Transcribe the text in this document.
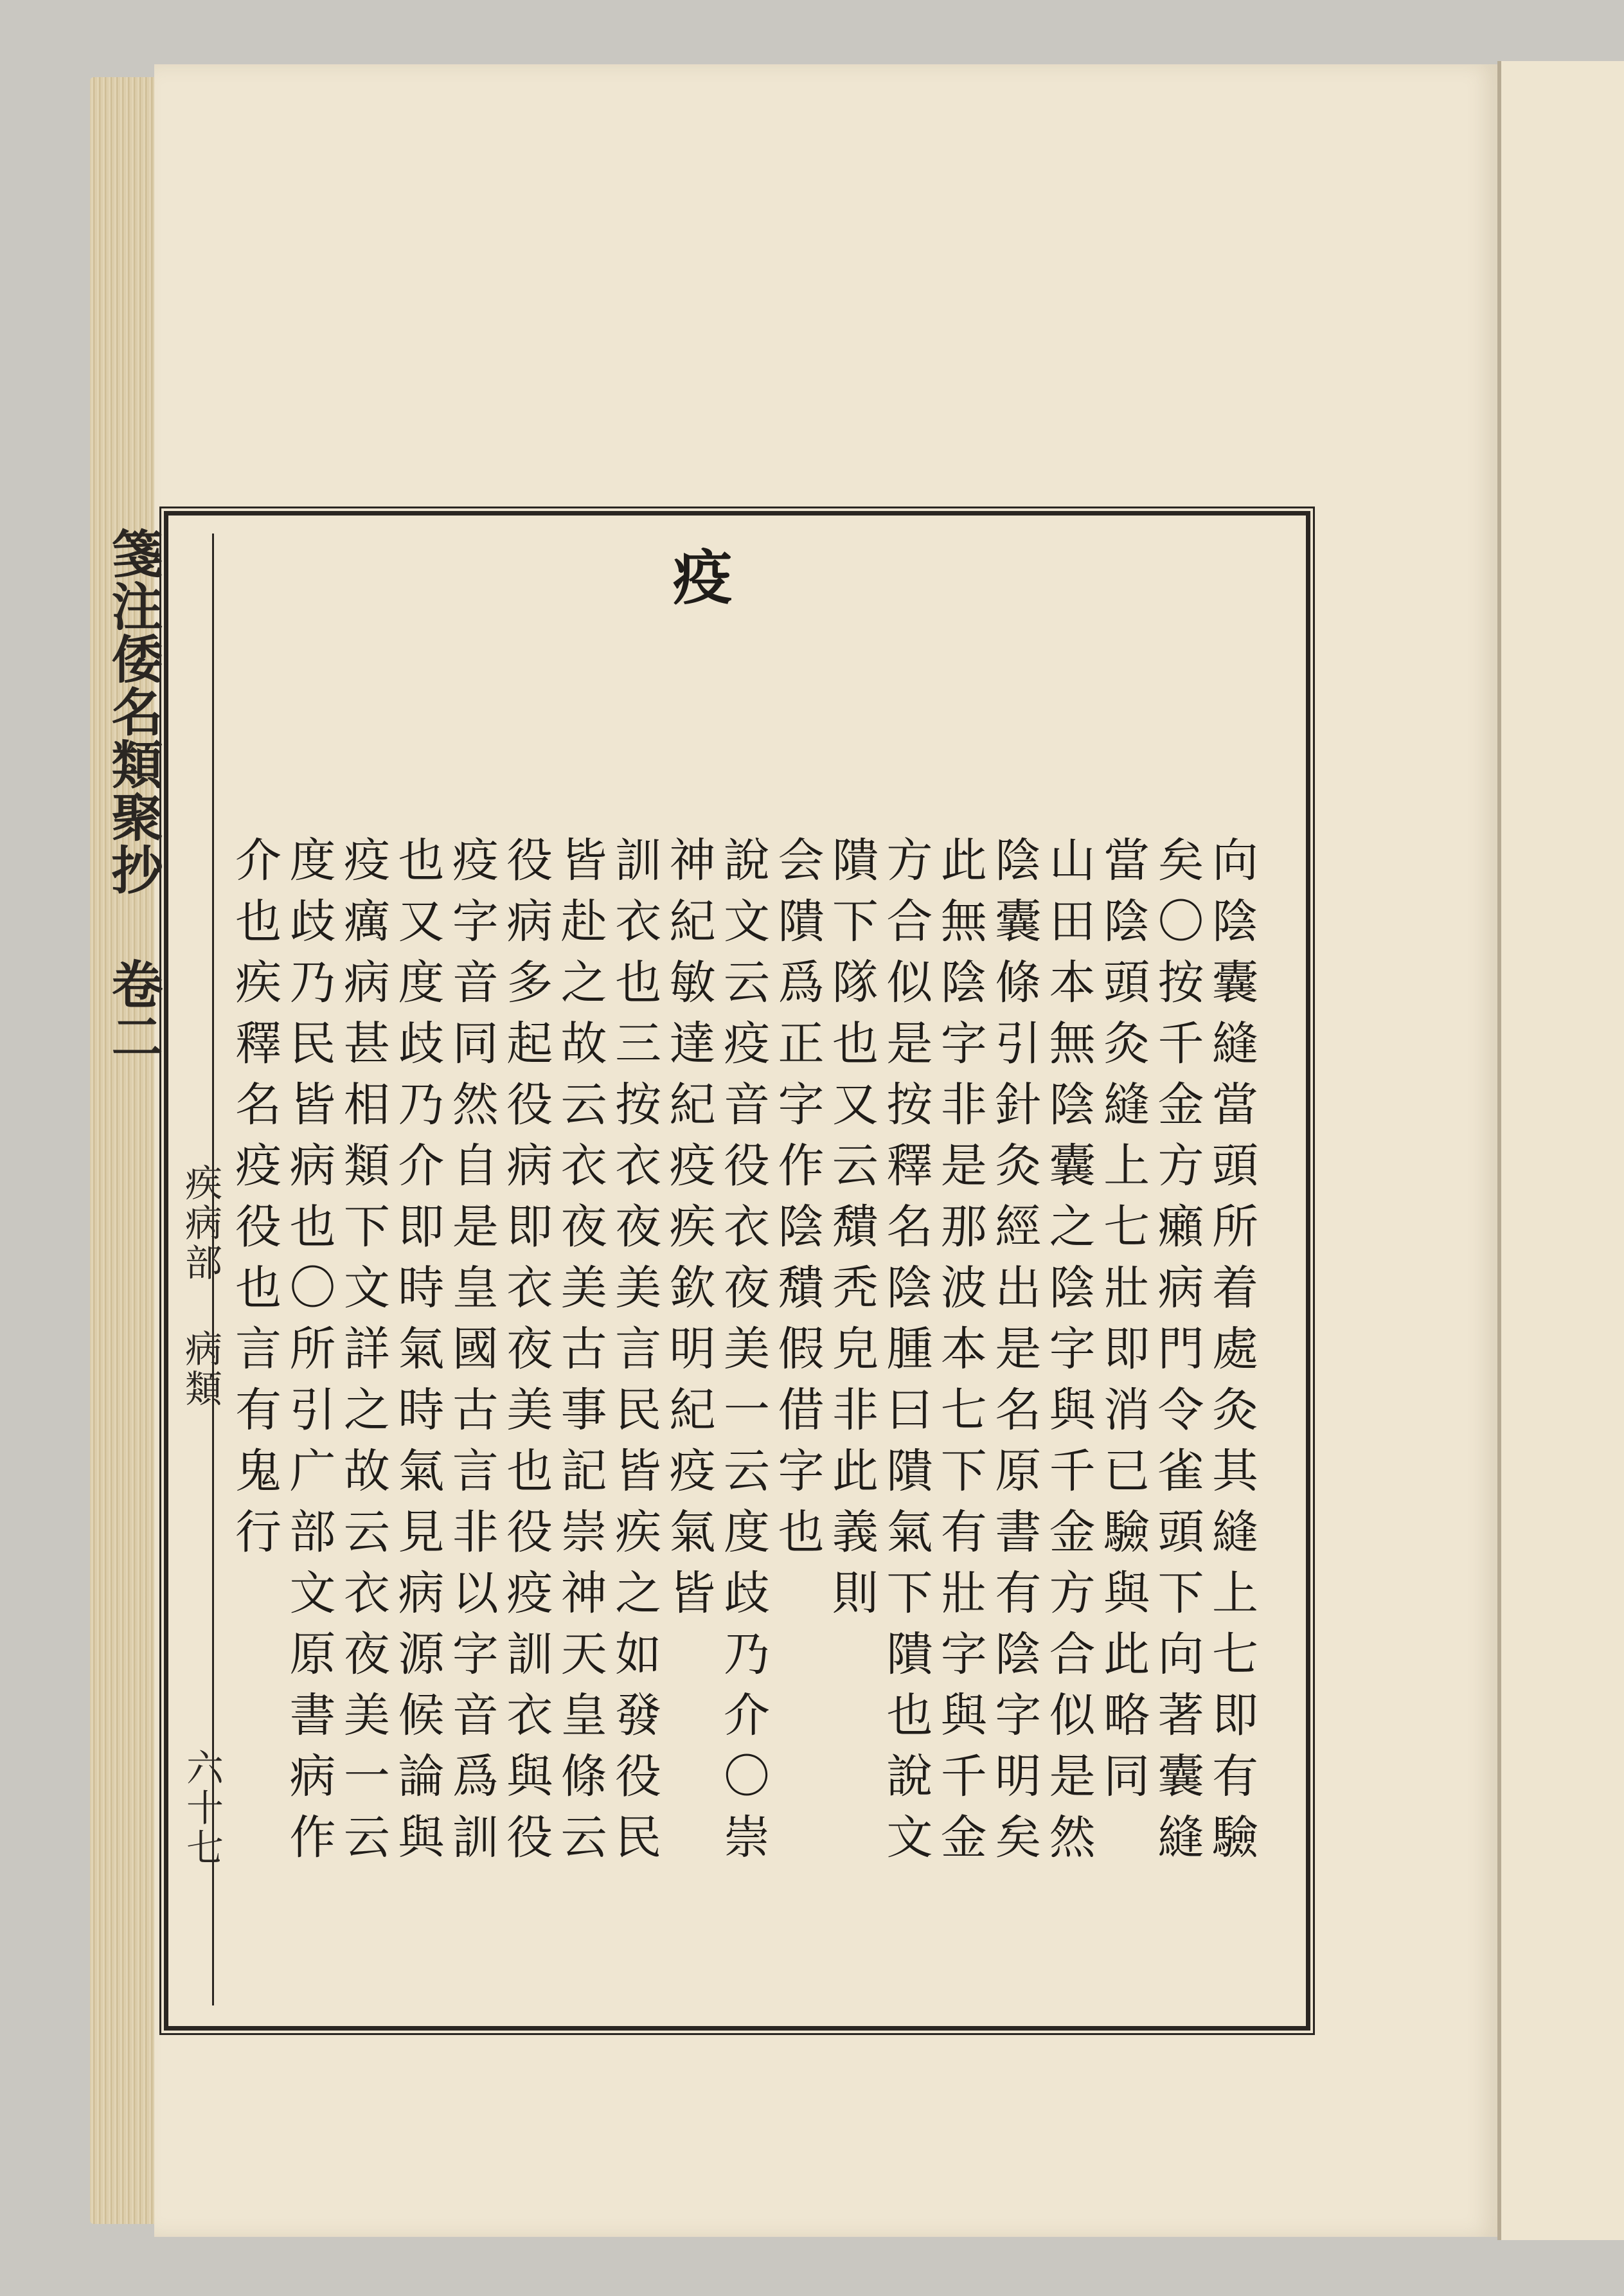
箋注倭名類聚抄 卷二
疾病部 病類
六十七
疫
向陰囊縫當頭所着處灸其縫上七即有驗
矣〇按千金方癩病門令雀頭下向著囊縫
當陰頭灸縫上七壯即消已驗與此略同
山田本無陰囊之陰字與千金方合似是然
陰囊條引針灸經出是名原書有陰字明矣
此無陰字非是那波本七下有壯字與千金
方合似是按釋名陰腫曰隤氣下隤也說文
隤下隊也又云穨秃皃非此義則
会隤爲正字作陰穨假借字也
說文云疫音役衣夜美一云度歧乃介〇崇
神紀敏達紀疫疾欽明紀疫氣皆
訓衣也三按衣夜美言民皆疾之如發役民
皆赴之故云衣夜美古事記崇神天皇條云
役病多起役病即衣夜美也役疫訓衣與役
疫字音同然自是皇國古言非以字音爲訓
也又度歧乃介即時氣時氣見病源候論與
疫癘病甚相類下文詳之故云衣夜美一云
度歧乃民皆病也〇所引广部文原書病作
介也疾釋名疫役也言有鬼行
